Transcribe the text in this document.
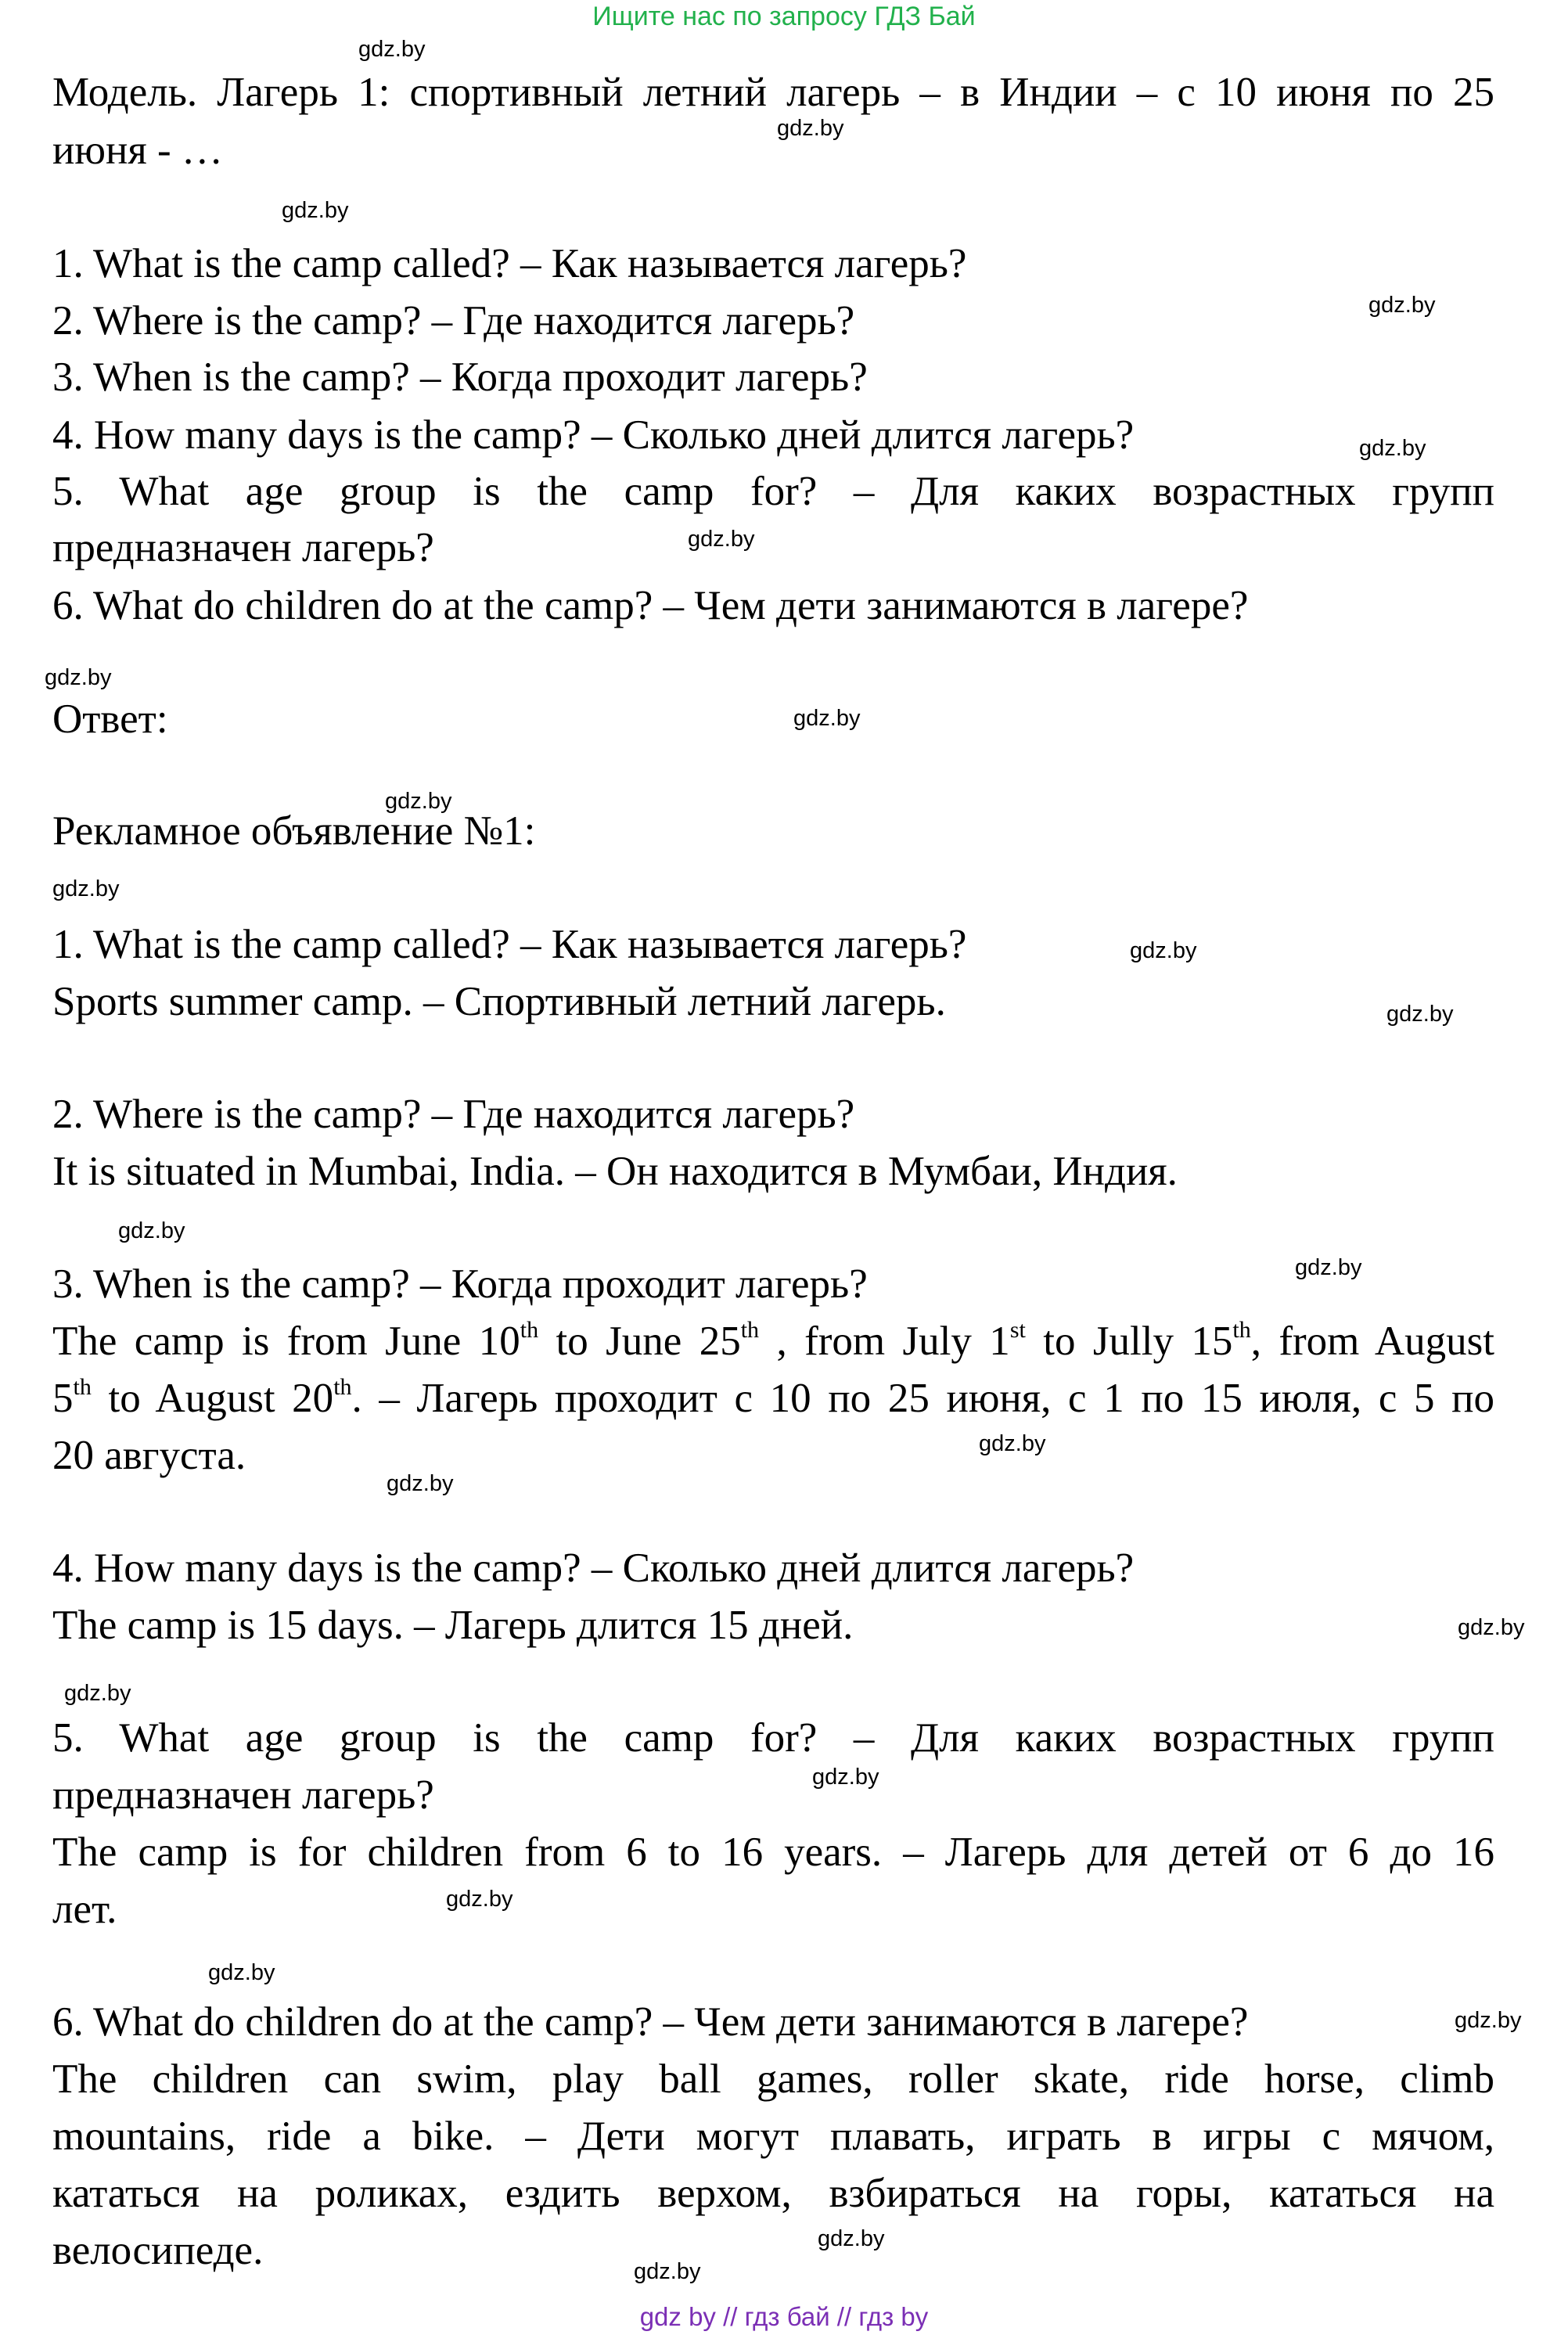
Ищите нас по запросу ГДЗ Бай
gdz.by
gdz.by
gdz.by
gdz.by
gdz.by
gdz.by
gdz.by
gdz.by
gdz.by
gdz.by
gdz.by
gdz.by
gdz.by
gdz.by
gdz.by
gdz.by
gdz.by
gdz.by
gdz.by
gdz.by
gdz.by
gdz.by
gdz.by
gdz.by
Модель. Лагерь 1: спортивный летний лагерь – в Индии – с 10 июня по 25
июня - …
1. What is the camp called? – Как называется лагерь?
2. Where is the camp? – Где находится лагерь?
3. When is the camp? – Когда проходит лагерь?
4. How many days is the camp? – Сколько дней длится лагерь?
5. What age group is the camp for? – Для каких возрастных групп
предназначен лагерь?
6. What do children do at the camp? – Чем дети занимаются в лагере?
Ответ:
Рекламное объявление №1:
1. What is the camp called? – Как называется лагерь?
Sports summer camp. – Спортивный летний лагерь.
2. Where is the camp? – Где находится лагерь?
It is situated in Mumbai, India. – Он находится в Мумбаи, Индия.
3. When is the camp? – Когда проходит лагерь?
The camp is from June 10th to June 25th , from July 1st to Jully 15th, from August
5th to August 20th. – Лагерь проходит с 10 по 25 июня, с 1 по 15 июля, с 5 по
20 августа.
4. How many days is the camp? – Сколько дней длится лагерь?
The camp is 15 days. – Лагерь длится 15 дней.
5. What age group is the camp for? – Для каких возрастных групп
предназначен лагерь?
The camp is for children from 6 to 16 years. – Лагерь для детей от 6 до 16
лет.
6. What do children do at the camp? – Чем дети занимаются в лагере?
The children can swim, play ball games, roller skate, ride horse, climb
mountains, ride a bike. – Дети могут плавать, играть в игры с мячом,
кататься на роликах, ездить верхом, взбираться на горы, кататься на
велосипеде.
gdz by // гдз бай // гдз by
